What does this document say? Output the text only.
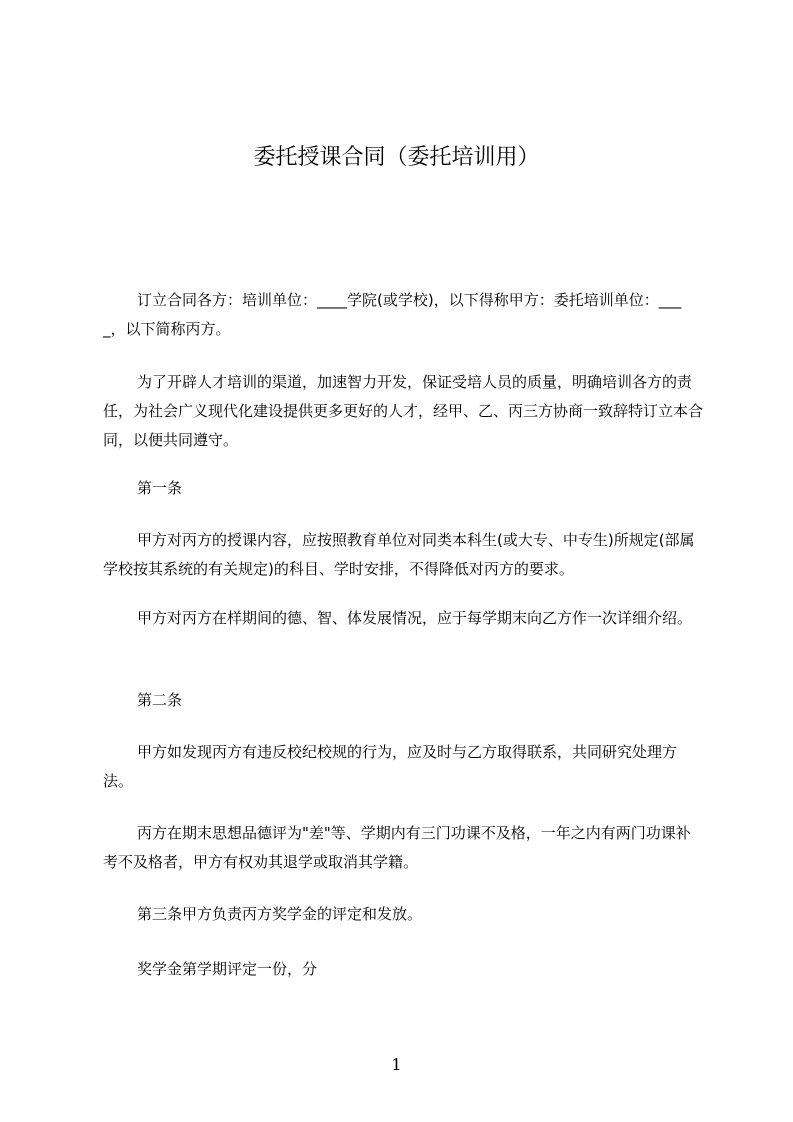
委托授课合同（委托培训用）

订立合同各方：培训单位：____学院(或学校)，以下得称甲方：委托培训单位：____，以下简称丙方。

为了开辟人才培训的渠道，加速智力开发，保证受培人员的质量，明确培训各方的责任，为社会广义现代化建设提供更多更好的人才，经甲、乙、丙三方协商一致辞特订立本合同，以便共同遵守。

第一条

甲方对丙方的授课内容，应按照教育单位对同类本科生(或大专、中专生)所规定(部属学校按其系统的有关规定)的科目、学时安排，不得降低对丙方的要求。

甲方对丙方在样期间的德、智、体发展情况，应于每学期末向乙方作一次详细介绍。

第二条

甲方如发现丙方有违反校纪校规的行为，应及时与乙方取得联系，共同研究处理方法。

丙方在期末思想品德评为"差"等、学期内有三门功课不及格，一年之内有两门功课补考不及格者，甲方有权劝其退学或取消其学籍。

第三条甲方负责丙方奖学金的评定和发放。

奖学金第学期评定一份，分

1
